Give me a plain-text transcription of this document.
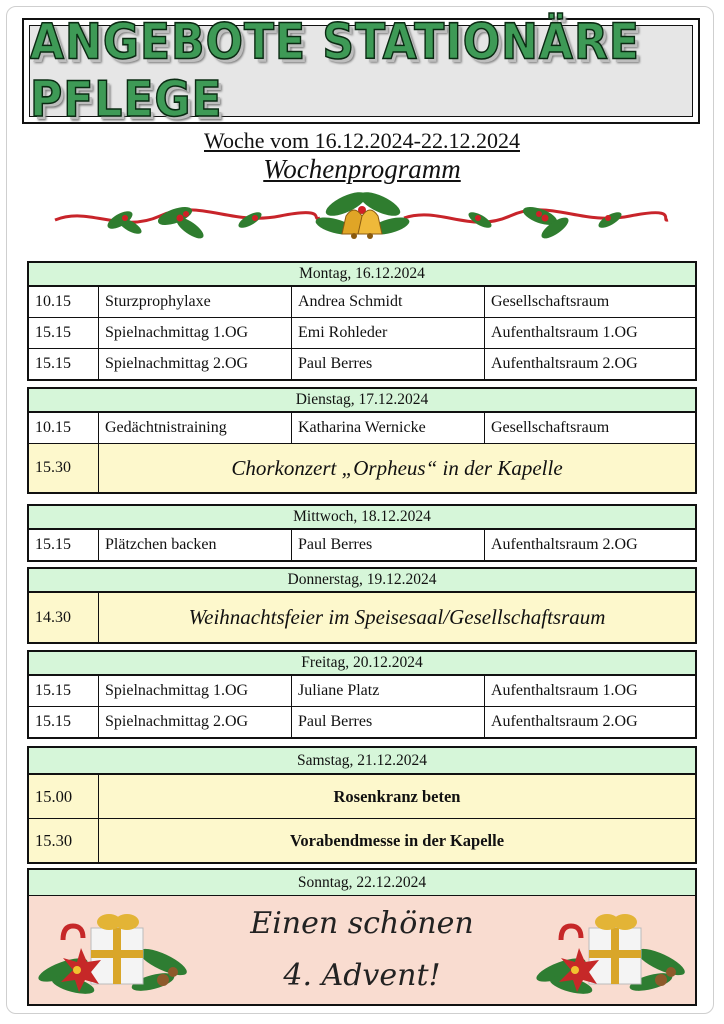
ANGEBOTE STATIONÄRE PFLEGE
Woche vom 16.12.2024-22.12.2024
Wochenprogramm
Montag, 16.12.2024
10.15	Sturzprophylaxe	Andrea Schmidt	Gesellschaftsraum
15.15	Spielnachmittag 1.OG	Emi Rohleder	Aufenthaltsraum 1.OG
15.15	Spielnachmittag 2.OG	Paul Berres	Aufenthaltsraum 2.OG
Dienstag, 17.12.2024
10.15	Gedächtnistraining	Katharina Wernicke	Gesellschaftsraum
15.30	Chorkonzert „Orpheus“ in der Kapelle
Mittwoch, 18.12.2024
15.15	Plätzchen backen	Paul Berres	Aufenthaltsraum 2.OG
Donnerstag, 19.12.2024
14.30	Weihnachtsfeier im Speisesaal/Gesellschaftsraum
Freitag, 20.12.2024
15.15	Spielnachmittag 1.OG	Juliane Platz	Aufenthaltsraum 1.OG
15.15	Spielnachmittag 2.OG	Paul Berres	Aufenthaltsraum 2.OG
Samstag, 21.12.2024
15.00	Rosenkranz beten
15.30	Vorabendmesse in der Kapelle
Sonntag, 22.12.2024
Einen schönen
4. Advent!
